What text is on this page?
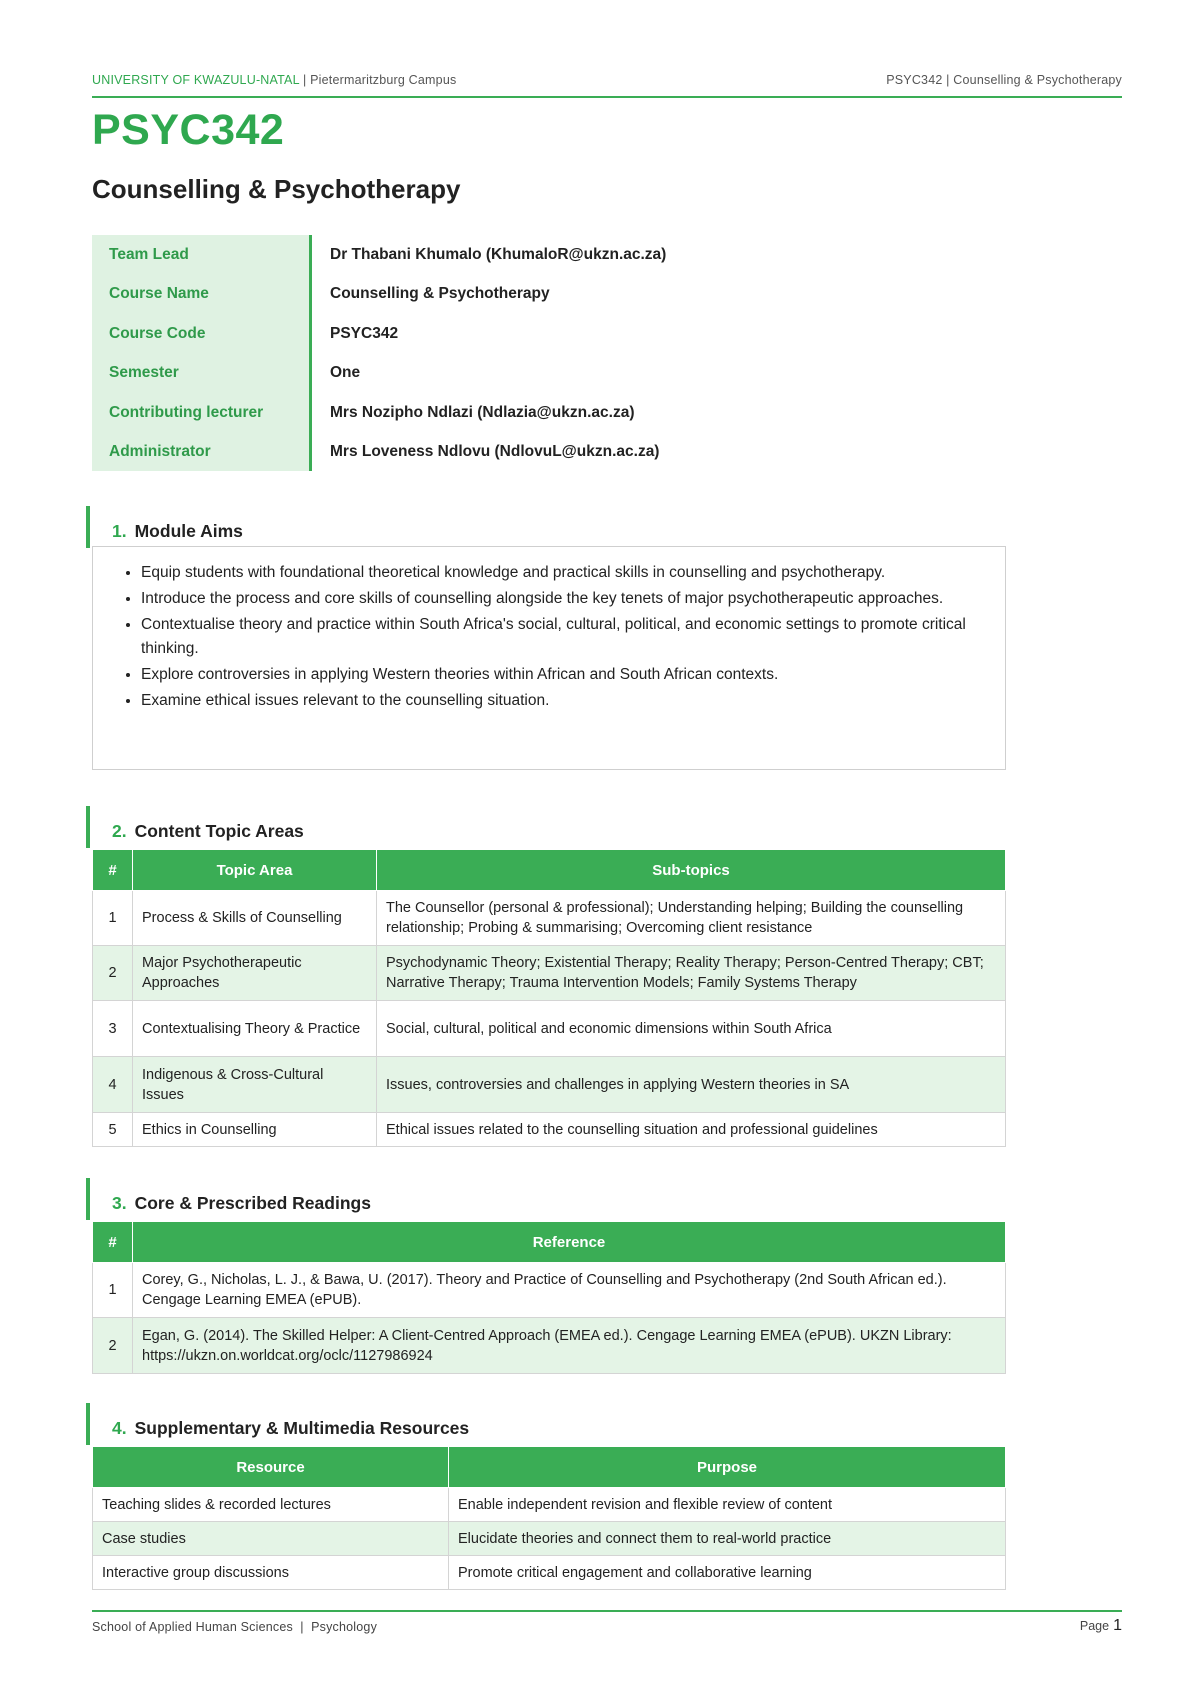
UNIVERSITY OF KWAZULU-NATAL | Pietermaritzburg Campus	PSYC342 | Counselling & Psychotherapy
PSYC342
Counselling & Psychotherapy
Team Lead	Dr Thabani Khumalo (KhumaloR@ukzn.ac.za)
Course Name	Counselling & Psychotherapy
Course Code	PSYC342
Semester	One
Contributing lecturer	Mrs Nozipho Ndlazi (Ndlazia@ukzn.ac.za)
Administrator	Mrs Loveness Ndlovu (NdlovuL@ukzn.ac.za)
1. Module Aims
• Equip students with foundational theoretical knowledge and practical skills in counselling and psychotherapy.
• Introduce the process and core skills of counselling alongside the key tenets of major psychotherapeutic approaches.
• Contextualise theory and practice within South Africa's social, cultural, political, and economic settings to promote critical thinking.
• Explore controversies in applying Western theories within African and South African contexts.
• Examine ethical issues relevant to the counselling situation.
2. Content Topic Areas
#	Topic Area	Sub-topics
1	Process & Skills of Counselling	The Counsellor (personal & professional); Understanding helping; Building the counselling relationship; Probing & summarising; Overcoming client resistance
2	Major Psychotherapeutic Approaches	Psychodynamic Theory; Existential Therapy; Reality Therapy; Person-Centred Therapy; CBT; Narrative Therapy; Trauma Intervention Models; Family Systems Therapy
3	Contextualising Theory & Practice	Social, cultural, political and economic dimensions within South Africa
4	Indigenous & Cross-Cultural Issues	Issues, controversies and challenges in applying Western theories in SA
5	Ethics in Counselling	Ethical issues related to the counselling situation and professional guidelines
3. Core & Prescribed Readings
#	Reference
1	Corey, G., Nicholas, L. J., & Bawa, U. (2017). Theory and Practice of Counselling and Psychotherapy (2nd South African ed.). Cengage Learning EMEA (ePUB).
2	Egan, G. (2014). The Skilled Helper: A Client-Centred Approach (EMEA ed.). Cengage Learning EMEA (ePUB). UKZN Library: https://ukzn.on.worldcat.org/oclc/1127986924
4. Supplementary & Multimedia Resources
Resource	Purpose
Teaching slides & recorded lectures	Enable independent revision and flexible review of content
Case studies	Elucidate theories and connect them to real-world practice
Interactive group discussions	Promote critical engagement and collaborative learning
School of Applied Human Sciences  |  Psychology	Page 1
